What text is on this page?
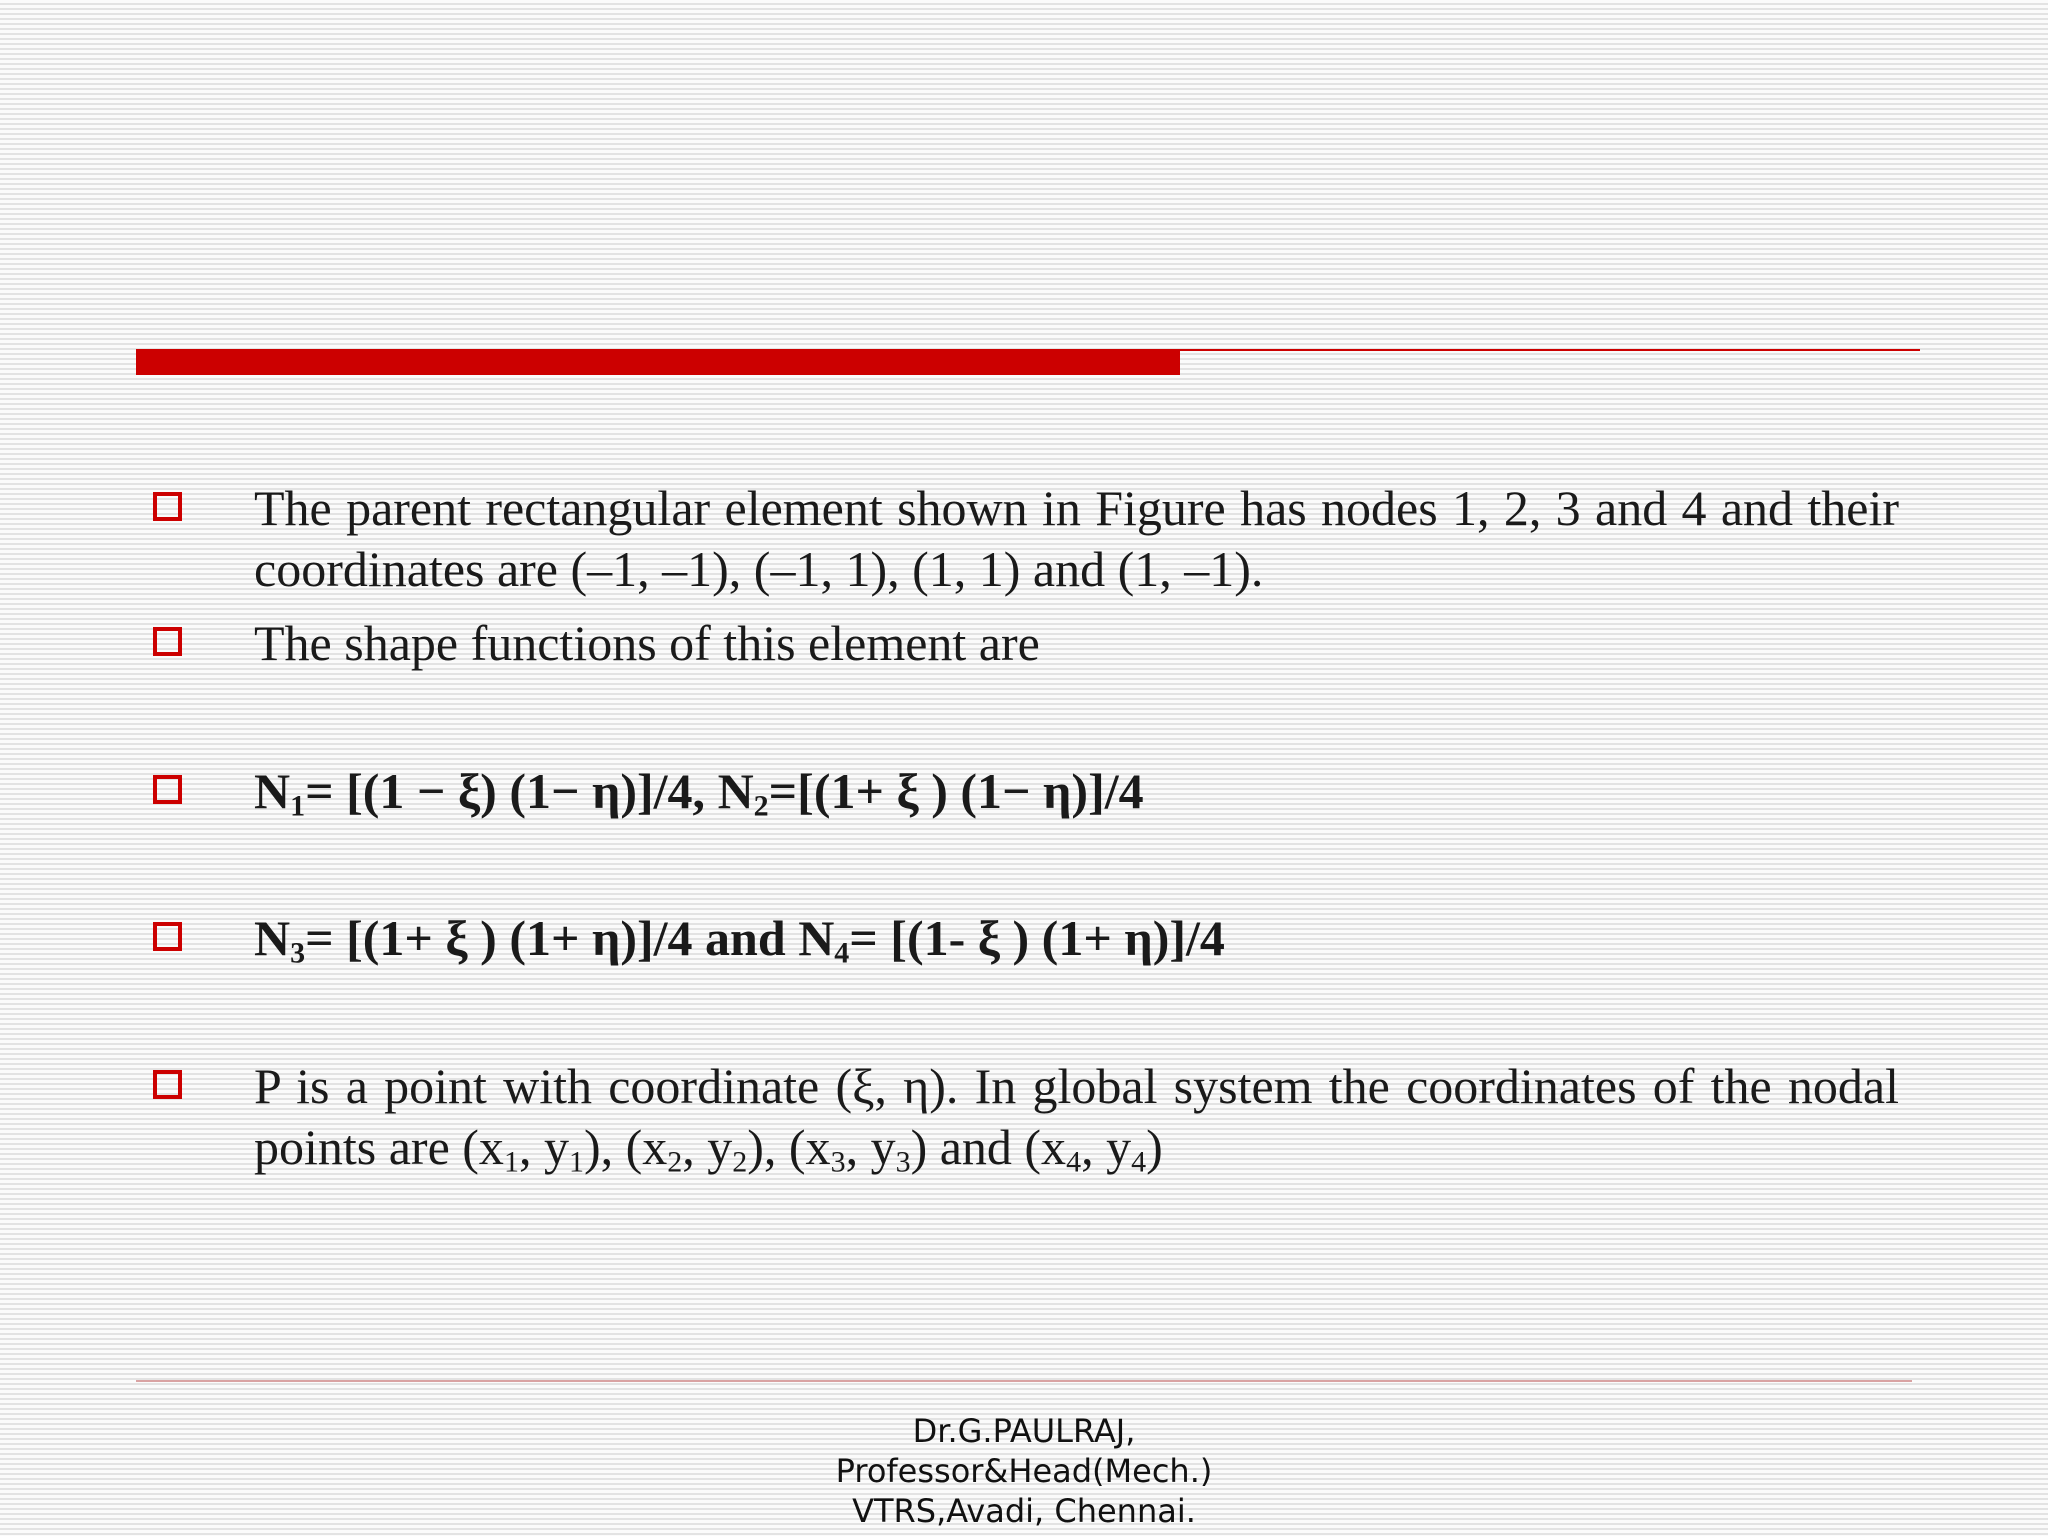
The parent rectangular element shown in Figure has nodes 1, 2, 3 and 4 and their coordinates are (–1, –1), (–1, 1), (1, 1) and (1, –1).
The shape functions of this element are
$N_1= [(1 - \xi)$ (1− η)]/4, $N_2=[(1+ \xi$ ) (1− η)]/4
$N_3= [(1+ \xi$ ) (1+ η)]/4 and $N_4= [(1-$ ξ ) (1+ η)]/4
P is a point with coordinate (ξ, η). In global system the coordinates of the nodal points are ($x_1$, $y_1$), ($x_2$, $y_2$), ($x_3$, $y_3$) and ($x_4$, $y_4$)
Dr.G.PAULRAJ,
Professor&Head(Mech.)
VTRS,Avadi, Chennai.
